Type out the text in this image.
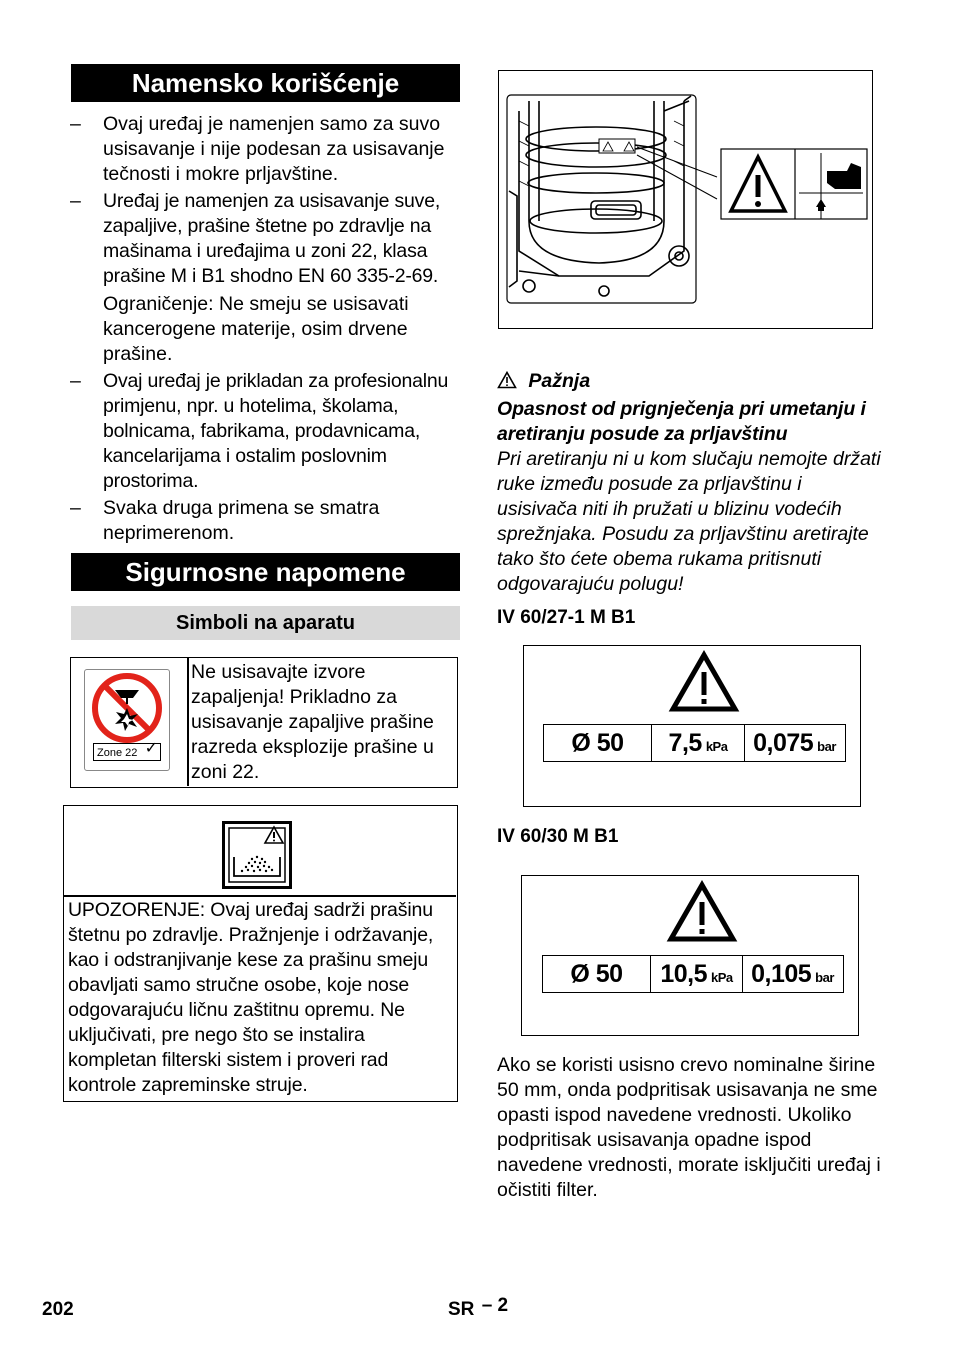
Namensko korišćenje
– Ovaj uređaj je namenjen samo za suvo usisavanje i nije podesan za usisavanje tečnosti i mokre prljavštine.
– Uređaj je namenjen za usisavanje suve, zapaljive, prašine štetne po zdravlje na mašinama i uređajima u zoni 22, klasa prašine M i B1 shodno EN 60 335-2-69.
Ograničenje: Ne smeju se usisavati kancerogene materije, osim drvene prašine.
– Ovaj uređaj je prikladan za profesionalnu primjenu, npr. u hotelima, školama, bolnicama, fabrikama, prodavnicama, kancelarijama i ostalim poslovnim prostorima.
– Svaka druga primena se smatra neprimerenom.
Sigurnosne napomene
Simboli na aparatu
Zone 22 ✓
Ne usisavajte izvore zapaljenja! Prikladno za usisavanje zapaljive prašine razreda eksplozije prašine u zoni 22.
UPOZORENJE: Ovaj uređaj sadrži prašinu štetnu po zdravlje. Pražnjenje i održavanje, kao i odstranjivanje kese za prašinu smeju obavljati samo stručne osobe, koje nose odgovarajuću ličnu zaštitnu opremu. Ne uključivati, pre nego što se instalira kompletan filterski sistem i proveri rad kontrole zapreminske struje.
Pažnja
Opasnost od prignječenja pri umetanju i aretiranju posude za prljavštinu
Pri aretiranju ni u kom slučaju nemojte držati ruke između posude za prljavštinu i usisivača niti ih pružati u blizinu vodećih sprežnjaka. Posudu za prljavštinu aretirajte tako što ćete obema rukama pritisnuti odgovarajuću polugu!
IV 60/27-1 M B1
Ø 50 7,5 kPa 0,075 bar
IV 60/30 M B1
Ø 50 10,5 kPa 0,105 bar
Ako se koristi usisno crevo nominalne širine 50 mm, onda podpritisak usisavanja ne sme opasti ispod navedene vrednosti. Ukoliko podpritisak usisavanja opadne ispod navedene vrednosti, morate isključiti uređaj i očistiti filter.
202	SR – 2
